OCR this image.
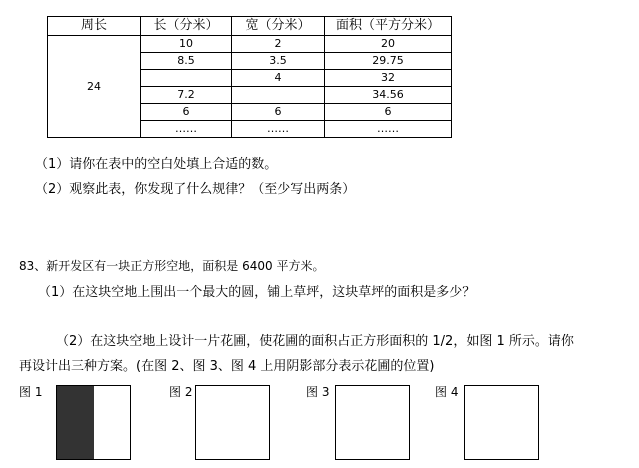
周长	长（分米）	宽（分米）	面积（平方分米）
24	10	2	20
	8.5	3.5	29.75
		4	32
	7.2		34.56
	6	6	6
	……	……	……
（1）请你在表中的空白处填上合适的数。
（2）观察此表，你发现了什么规律？（至少写出两条）
83、新开发区有一块正方形空地，面积是 6400 平方米。
（1）在这块空地上围出一个最大的圆，铺上草坪，这块草坪的面积是多少？
（2）在这块空地上设计一片花圃，使花圃的面积占正方形面积的 1/2，如图 1 所示。请你
再设计出三种方案。(在图 2、图 3、图 4 上用阴影部分表示花圃的位置)
图 1	图 2	图 3	图 4
